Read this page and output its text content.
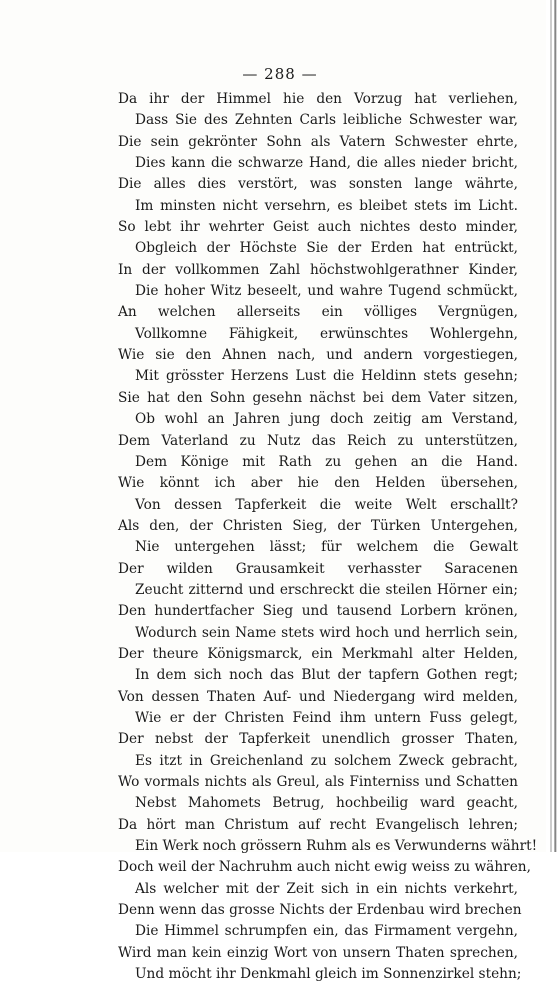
— 288 —
Da ihr der Himmel hie den Vorzug hat verliehen,
Dass Sie des Zehnten Carls leibliche Schwester war,
Die sein gekrönter Sohn als Vatern Schwester ehrte,
Dies kann die schwarze Hand, die alles nieder bricht,
Die alles dies verstört, was sonsten lange währte,
Im minsten nicht versehrn, es bleibet stets im Licht.
So lebt ihr wehrter Geist auch nichtes desto minder,
Obgleich der Höchste Sie der Erden hat entrückt,
In der vollkommen Zahl höchstwohlgerathner Kinder,
Die hoher Witz beseelt, und wahre Tugend schmückt,
An welchen allerseits ein völliges Vergnügen,
Vollkomne Fähigkeit, erwünschtes Wohlergehn,
Wie sie den Ahnen nach, und andern vorgestiegen,
Mit grösster Herzens Lust die Heldinn stets gesehn;
Sie hat den Sohn gesehn nächst bei dem Vater sitzen,
Ob wohl an Jahren jung doch zeitig am Verstand,
Dem Vaterland zu Nutz das Reich zu unterstützen,
Dem Könige mit Rath zu gehen an die Hand.
Wie könnt ich aber hie den Helden übersehen,
Von dessen Tapferkeit die weite Welt erschallt?
Als den, der Christen Sieg, der Türken Untergehen,
Nie untergehen lässt; für welchem die Gewalt
Der wilden Grausamkeit verhasster Saracenen
Zeucht zitternd und erschreckt die steilen Hörner ein;
Den hundertfacher Sieg und tausend Lorbern krönen,
Wodurch sein Name stets wird hoch und herrlich sein,
Der theure Königsmarck, ein Merkmahl alter Helden,
In dem sich noch das Blut der tapfern Gothen regt;
Von dessen Thaten Auf- und Niedergang wird melden,
Wie er der Christen Feind ihm untern Fuss gelegt,
Der nebst der Tapferkeit unendlich grosser Thaten,
Es itzt in Greichenland zu solchem Zweck gebracht,
Wo vormals nichts als Greul, als Finterniss und Schatten
Nebst Mahomets Betrug, hochbeilig ward geacht,
Da hört man Christum auf recht Evangelisch lehren;
Ein Werk noch grössern Ruhm als es Verwunderns währt!
Doch weil der Nachruhm auch nicht ewig weiss zu währen,
Als welcher mit der Zeit sich in ein nichts verkehrt,
Denn wenn das grosse Nichts der Erdenbau wird brechen
Die Himmel schrumpfen ein, das Firmament vergehn,
Wird man kein einzig Wort von unsern Thaten sprechen,
Und möcht ihr Denkmahl gleich im Sonnenzirkel stehn;
